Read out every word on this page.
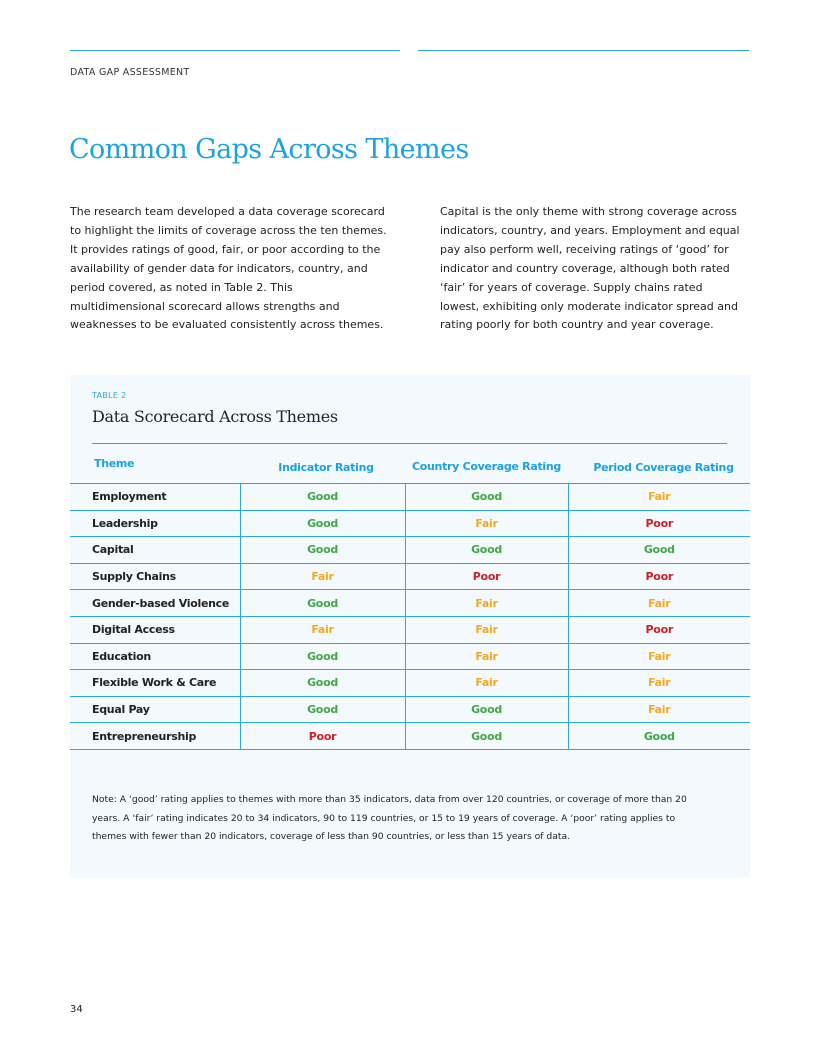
DATA GAP ASSESSMENT
Common Gaps Across Themes

The research team developed a data coverage scorecard to highlight the limits of coverage across the ten themes. It provides ratings of good, fair, or poor according to the availability of gender data for indicators, country, and period covered, as noted in Table 2. This multidimensional scorecard allows strengths and weaknesses to be evaluated consistently across themes.

Capital is the only theme with strong coverage across indicators, country, and years. Employment and equal pay also perform well, receiving ratings of ‘good’ for indicator and country coverage, although both rated ‘fair’ for years of coverage. Supply chains rated lowest, exhibiting only moderate indicator spread and rating poorly for both country and year coverage.

TABLE 2
Data Scorecard Across Themes
Theme	Indicator Rating	Country Coverage Rating	Period Coverage Rating
Employment	Good	Good	Fair
Leadership	Good	Fair	Poor
Capital	Good	Good	Good
Supply Chains	Fair	Poor	Poor
Gender-based Violence	Good	Fair	Fair
Digital Access	Fair	Fair	Poor
Education	Good	Fair	Fair
Flexible Work & Care	Good	Fair	Fair
Equal Pay	Good	Good	Fair
Entrepreneurship	Poor	Good	Good

Note: A ‘good’ rating applies to themes with more than 35 indicators, data from over 120 countries, or coverage of more than 20 years. A ‘fair’ rating indicates 20 to 34 indicators, 90 to 119 countries, or 15 to 19 years of coverage. A ‘poor’ rating applies to themes with fewer than 20 indicators, coverage of less than 90 countries, or less than 15 years of data.

34
